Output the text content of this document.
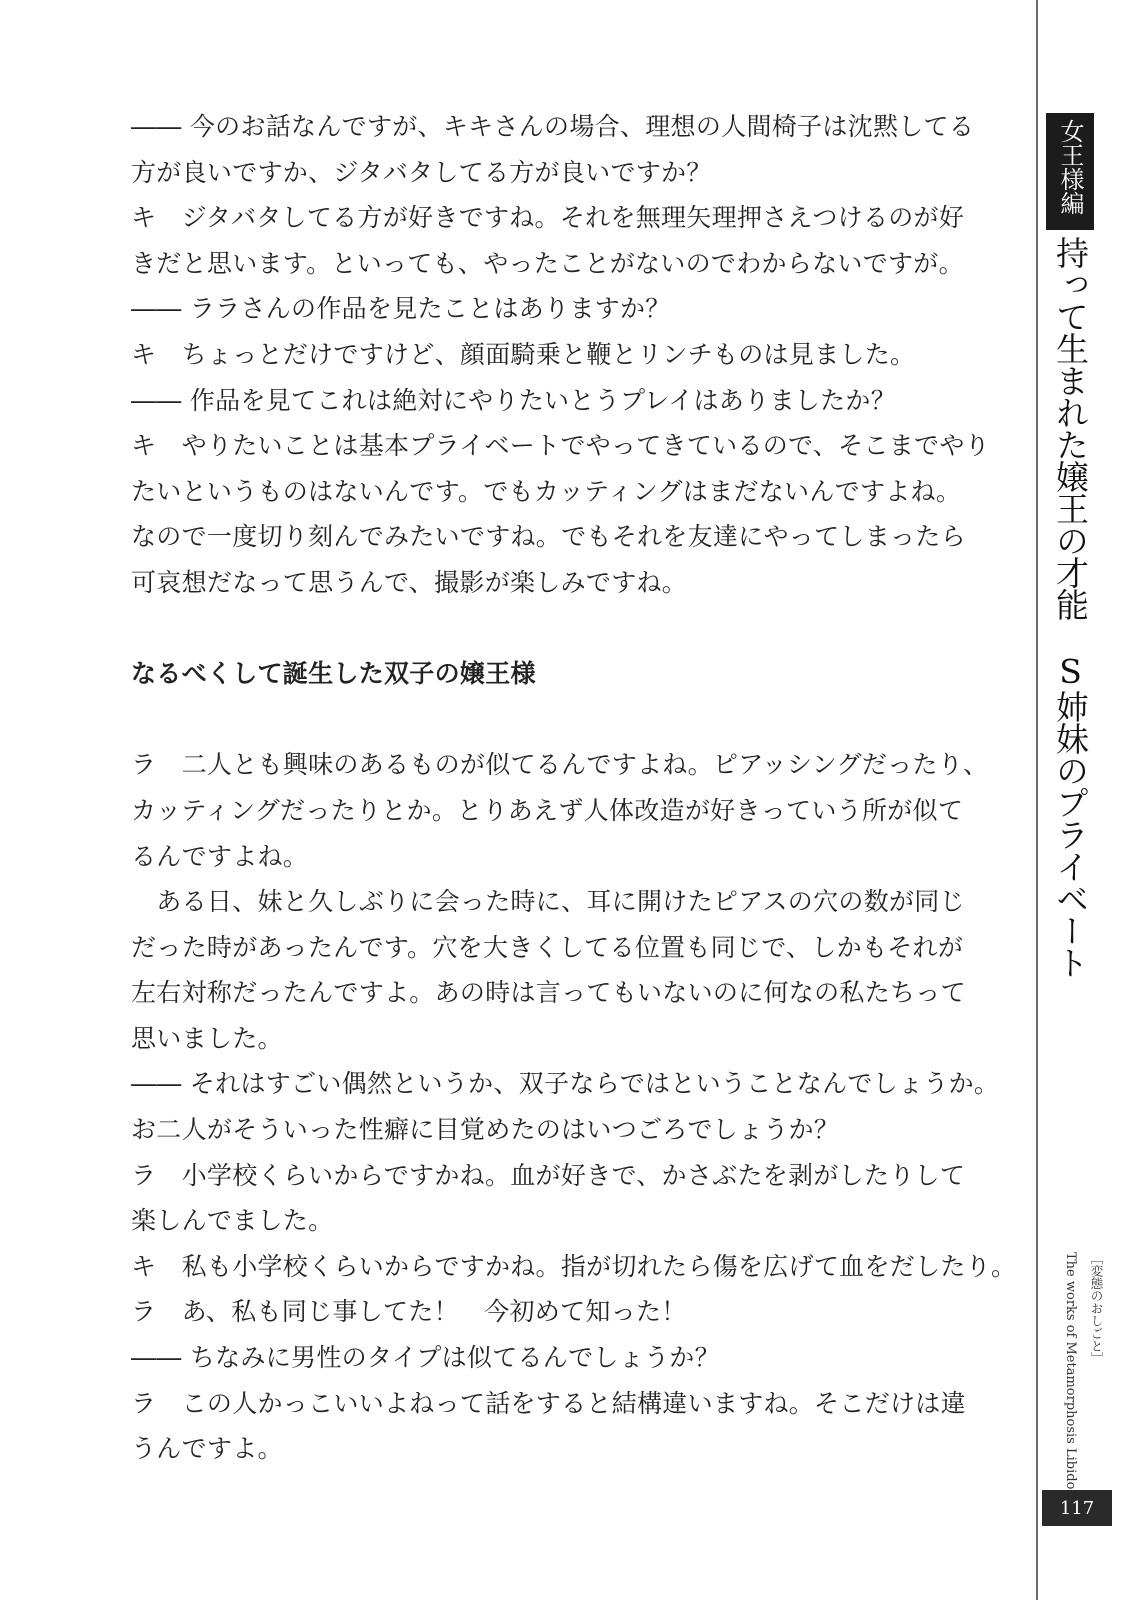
―― 今のお話なんですが、キキさんの場合、理想の人間椅子は沈黙してる
方が良いですか、ジタバタしてる方が良いですか？
キ　ジタバタしてる方が好きですね。それを無理矢理押さえつけるのが好
きだと思います。といっても、やったことがないのでわからないですが。
―― ララさんの作品を見たことはありますか？
キ　ちょっとだけですけど、顔面騎乗と鞭とリンチものは見ました。
―― 作品を見てこれは絶対にやりたいとうプレイはありましたか？
キ　やりたいことは基本プライベートでやってきているので、そこまでやり
たいというものはないんです。でもカッティングはまだないんですよね。
なので一度切り刻んでみたいですね。でもそれを友達にやってしまったら
可哀想だなって思うんで、撮影が楽しみですね。
なるべくして誕生した双子の嬢王様
ラ　二人とも興味のあるものが似てるんですよね。ピアッシングだったり、
カッティングだったりとか。とりあえず人体改造が好きっていう所が似て
るんですよね。
　ある日、妹と久しぶりに会った時に、耳に開けたピアスの穴の数が同じ
だった時があったんです。穴を大きくしてる位置も同じで、しかもそれが
左右対称だったんですよ。あの時は言ってもいないのに何なの私たちって
思いました。
―― それはすごい偶然というか、双子ならではということなんでしょうか。
お二人がそういった性癖に目覚めたのはいつごろでしょうか？
ラ　小学校くらいからですかね。血が好きで、かさぶたを剥がしたりして
楽しんでました。
キ　私も小学校くらいからですかね。指が切れたら傷を広げて血をだしたり。
ラ　あ、私も同じ事してた！　今初めて知った！
―― ちなみに男性のタイプは似てるんでしょうか？
ラ　この人かっこいいよねって話をすると結構違いますね。そこだけは違
うんですよ。
女王様編
持って生まれた嬢王の才能　S姉妹のプライベート
［変態のおしごと］
The works of Metamorphosis Libido
117
